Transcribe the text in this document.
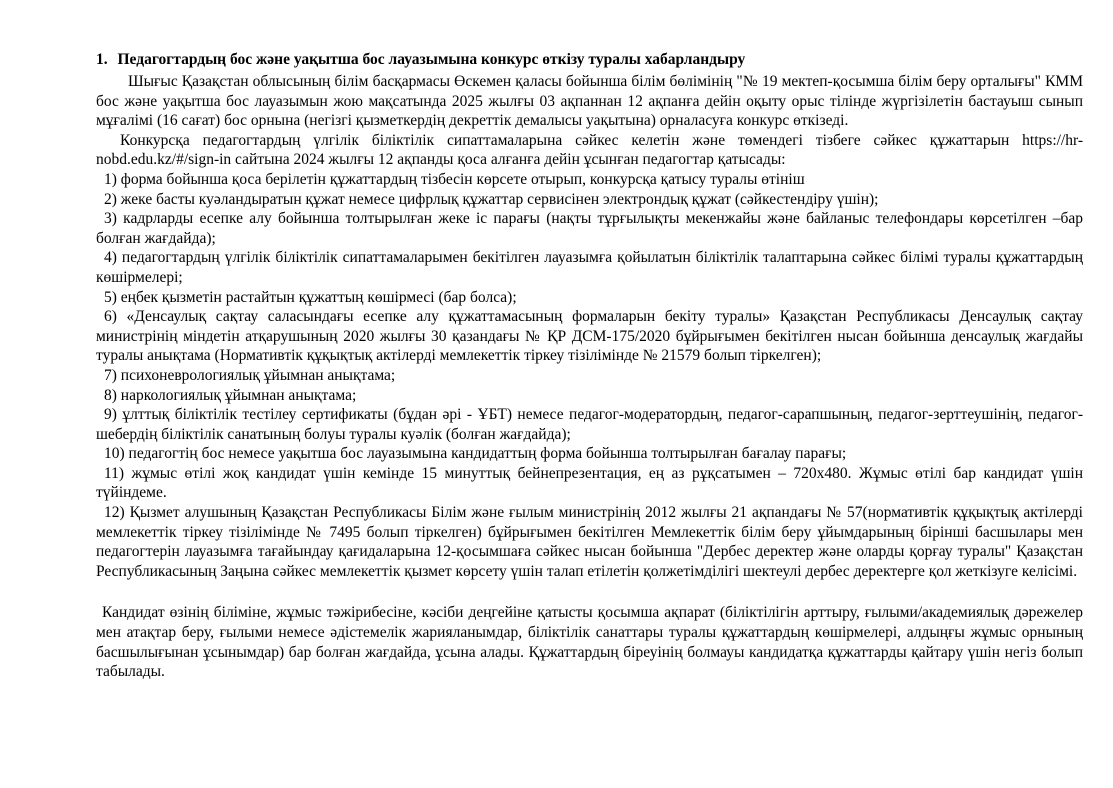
1. Педагогтардың бос және уақытша бос лауазымына конкурс өткізу туралы хабарландыру

Шығыс Қазақстан облысының білім басқармасы Өскемен қаласы бойынша білім бөлімінің "№ 19 мектеп-қосымша білім беру орталығы" КММ бос және уақытша бос лауазымын жою мақсатында 2025 жылғы 03 ақпаннан 12 ақпанға дейін оқыту орыс тілінде жүргізілетін бастауыш сынып мұғалімі (16 сағат) бос орнына (негізгі қызметкердің декреттік демалысы уақытына) орналасуға конкурс өткізеді.

Конкурсқа педагогтардың үлгілік біліктілік сипаттамаларына сәйкес келетін және төмендегі тізбеге сәйкес құжаттарын https://hr-nobd.edu.kz/#/sign-in сайтына 2024 жылғы 12 ақпанды қоса алғанға дейін ұсынған педагогтар қатысады:

1) форма бойынша қоса берілетін құжаттардың тізбесін көрсете отырып, конкурсқа қатысу туралы өтініш

2) жеке басты куәландыратын құжат немесе цифрлық құжаттар сервисінен электрондық құжат (сәйкестендіру үшін);

3) кадрларды есепке алу бойынша толтырылған жеке іс парағы (нақты тұрғылықты мекенжайы және байланыс телефондары көрсетілген –бар болған жағдайда);

4) педагогтардың үлгілік біліктілік сипаттамаларымен бекітілген лауазымға қойылатын біліктілік талаптарына сәйкес білімі туралы құжаттардың көшірмелері;

5) еңбек қызметін растайтын құжаттың көшірмесі (бар болса);

6) «Денсаулық сақтау саласындағы есепке алу құжаттамасының формаларын бекіту туралы» Қазақстан Республикасы Денсаулық сақтау министрінің міндетін атқарушының 2020 жылғы 30 қазандағы № ҚР ДСМ-175/2020 бұйрығымен бекітілген нысан бойынша денсаулық жағдайы туралы анықтама (Нормативтік құқықтық актілерді мемлекеттік тіркеу тізілімінде № 21579 болып тіркелген);

7) психоневрологиялық ұйымнан анықтама;

8) наркологиялық ұйымнан анықтама;

9) ұлттық біліктілік тестілеу сертификаты (бұдан әрі - ҰБТ) немесе педагог-модератордың, педагог-сарапшының, педагог-зерттеушінің, педагог-шебердің біліктілік санатының болуы туралы куәлік (болған жағдайда);

10) педагогтің бос немесе уақытша бос лауазымына кандидаттың форма бойынша толтырылған бағалау парағы;

11) жұмыс өтілі жоқ кандидат үшін кемінде 15 минуттық бейнепрезентация, ең аз рұқсатымен – 720х480. Жұмыс өтілі бар кандидат үшін түйіндеме.

12) Қызмет алушының Қазақстан Республикасы Білім және ғылым министрінің 2012 жылғы 21 ақпандағы № 57(нормативтік құқықтық актілерді мемлекеттік тіркеу тізілімінде № 7495 болып тіркелген) бұйрығымен бекітілген Мемлекеттік білім беру ұйымдарының бірінші басшылары мен педагогтерін лауазымға тағайындау қағидаларына 12-қосымшаға сәйкес нысан бойынша "Дербес деректер және оларды қорғау туралы" Қазақстан Республикасының Заңына сәйкес мемлекеттік қызмет көрсету үшін талап етілетін қолжетімділігі шектеулі дербес деректерге қол жеткізуге келісімі.

Кандидат өзінің біліміне, жұмыс тәжірибесіне, кәсіби деңгейіне қатысты қосымша ақпарат (біліктілігін арттыру, ғылыми/академиялық дәрежелер мен атақтар беру, ғылыми немесе әдістемелік жарияланымдар, біліктілік санаттары туралы құжаттардың көшірмелері, алдыңғы жұмыс орнының басшылығынан ұсынымдар) бар болған жағдайда, ұсына алады. Құжаттардың біреуінің болмауы кандидатқа құжаттарды қайтару үшін негіз болып табылады.
